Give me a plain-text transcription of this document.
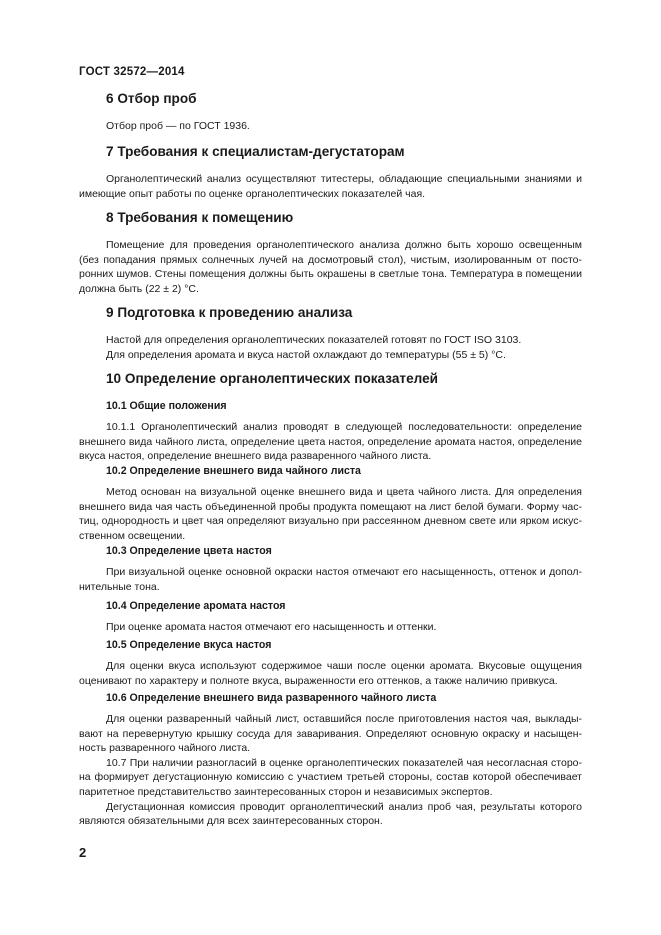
ГОСТ 32572—2014
6 Отбор проб
Отбор проб — по ГОСТ 1936.
7 Требования к специалистам-дегустаторам
Органолептический анализ осуществляют титестеры, обладающие специальными знаниями и
имеющие опыт работы по оценке органолептических показателей чая.
8 Требования к помещению
Помещение для проведения органолептического анализа должно быть хорошо освещенным
(без попадания прямых солнечных лучей на досмотровый стол), чистым, изолированным от посто-
ронних шумов. Стены помещения должны быть окрашены в светлые тона. Температура в помещении
должна быть (22 ± 2) °С.
9 Подготовка к проведению анализа
Настой для определения органолептических показателей готовят по ГОСТ ISO 3103.
Для определения аромата и вкуса настой охлаждают до температуры (55 ± 5) °С.
10 Определение органолептических показателей
10.1 Общие положения
10.1.1 Органолептический анализ проводят в следующей последовательности: определение
внешнего вида чайного листа, определение цвета настоя, определение аромата настоя, определение
вкуса настоя, определение внешнего вида разваренного чайного листа.
10.2 Определение внешнего вида чайного листа
Метод основан на визуальной оценке внешнего вида и цвета чайного листа. Для определения
внешнего вида чая часть объединенной пробы продукта помещают на лист белой бумаги. Форму час-
тиц, однородность и цвет чая определяют визуально при рассеянном дневном свете или ярком искус-
ственном освещении.
10.3 Определение цвета настоя
При визуальной оценке основной окраски настоя отмечают его насыщенность, оттенок и допол-
нительные тона.
10.4 Определение аромата настоя
При оценке аромата настоя отмечают его насыщенность и оттенки.
10.5 Определение вкуса настоя
Для оценки вкуса используют содержимое чаши после оценки аромата. Вкусовые ощущения
оценивают по характеру и полноте вкуса, выраженности его оттенков, а также наличию привкуса.
10.6 Определение внешнего вида разваренного чайного листа
Для оценки разваренный чайный лист, оставшийся после приготовления настоя чая, выклады-
вают на перевернутую крышку сосуда для заваривания. Определяют основную окраску и насыщен-
ность разваренного чайного листа.
10.7 При наличии разногласий в оценке органолептических показателей чая несогласная сторо-
на формирует дегустационную комиссию с участием третьей стороны, состав которой обеспечивает
паритетное представительство заинтересованных сторон и независимых экспертов.
Дегустационная комиссия проводит органолептический анализ проб чая, результаты которого
являются обязательными для всех заинтересованных сторон.
2
